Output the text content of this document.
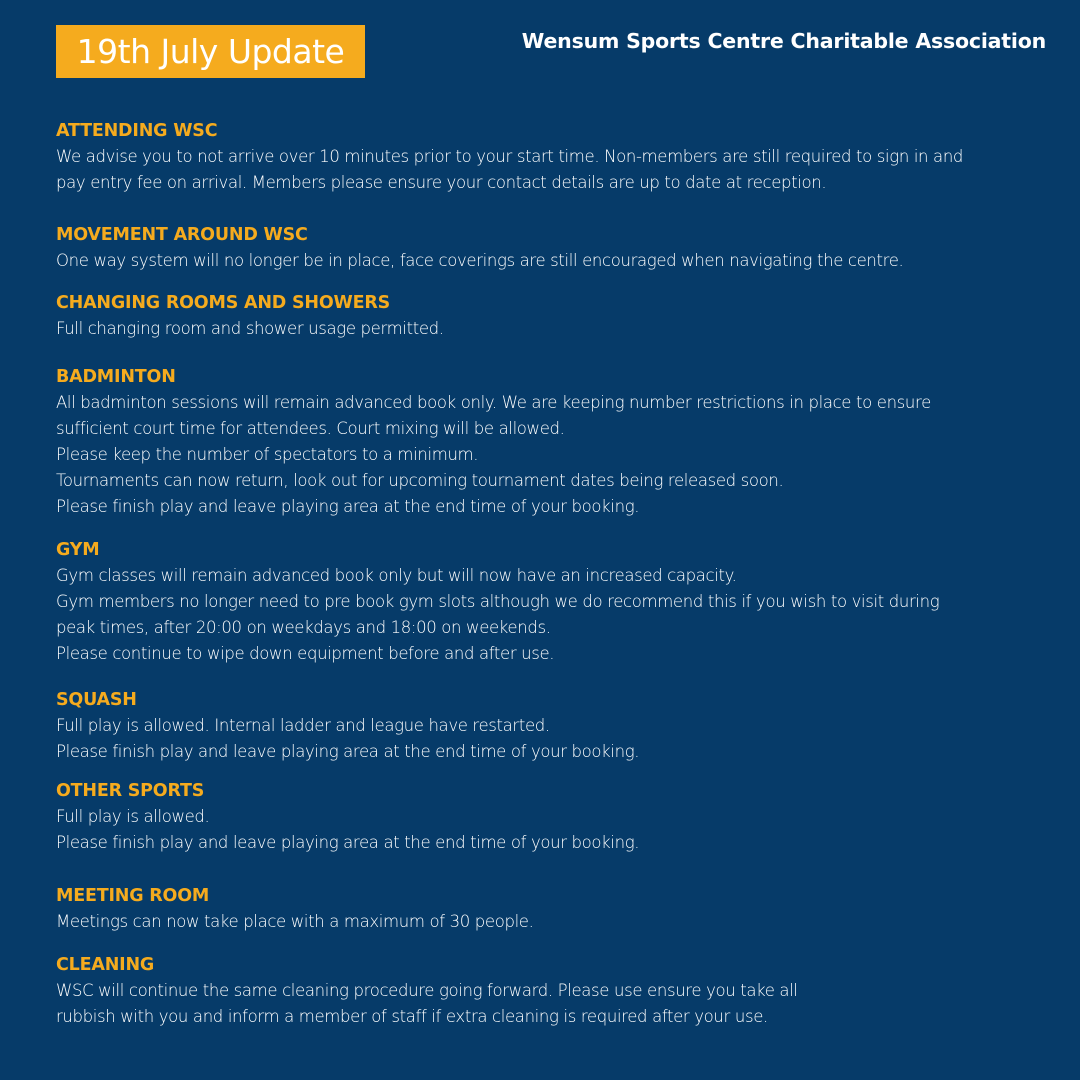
19th July Update	Wensum Sports Centre Charitable Association
ATTENDING WSC
We advise you to not arrive over 10 minutes prior to your start time. Non-members are still required to sign in and
pay entry fee on arrival. Members please ensure your contact details are up to date at reception.
MOVEMENT AROUND WSC
One way system will no longer be in place, face coverings are still encouraged when navigating the centre.
CHANGING ROOMS AND SHOWERS
Full changing room and shower usage permitted.
BADMINTON
All badminton sessions will remain advanced book only. We are keeping number restrictions in place to ensure
sufficient court time for attendees. Court mixing will be allowed.
Please keep the number of spectators to a minimum.
Tournaments can now return, look out for upcoming tournament dates being released soon.
Please finish play and leave playing area at the end time of your booking.
GYM
Gym classes will remain advanced book only but will now have an increased capacity.
Gym members no longer need to pre book gym slots although we do recommend this if you wish to visit during
peak times, after 20:00 on weekdays and 18:00 on weekends.
Please continue to wipe down equipment before and after use.
SQUASH
Full play is allowed. Internal ladder and league have restarted.
Please finish play and leave playing area at the end time of your booking.
OTHER SPORTS
Full play is allowed.
Please finish play and leave playing area at the end time of your booking.
MEETING ROOM
Meetings can now take place with a maximum of 30 people.
CLEANING
WSC will continue the same cleaning procedure going forward. Please use ensure you take all
rubbish with you and inform a member of staff if extra cleaning is required after your use.
